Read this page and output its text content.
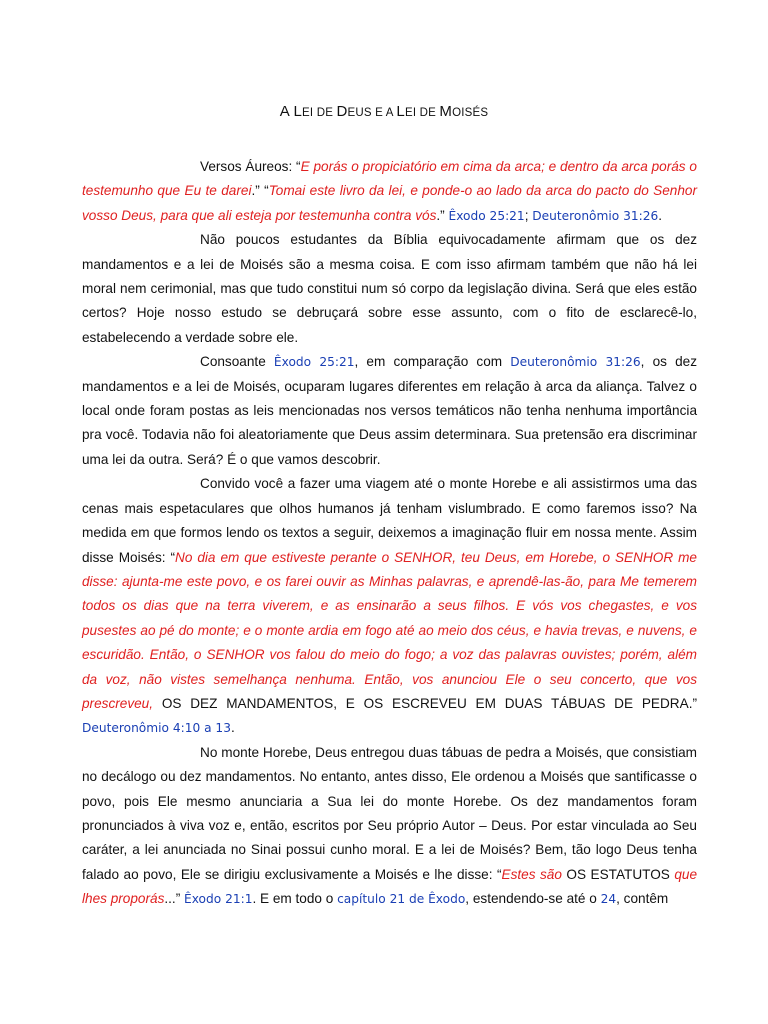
A LEI DE DEUS E A LEI DE MOISÉS

Versos Áureos: “E porás o propiciatório em cima da arca; e dentro da arca porás o testemunho que Eu te darei.” “Tomai este livro da lei, e ponde-o ao lado da arca do pacto do Senhor vosso Deus, para que ali esteja por testemunha contra vós.” Êxodo 25:21; Deuteronômio 31:26.

Não poucos estudantes da Bíblia equivocadamente afirmam que os dez mandamentos e a lei de Moisés são a mesma coisa. E com isso afirmam também que não há lei moral nem cerimonial, mas que tudo constitui num só corpo da legislação divina. Será que eles estão certos? Hoje nosso estudo se debruçará sobre esse assunto, com o fito de esclarecê-lo, estabelecendo a verdade sobre ele.

Consoante Êxodo 25:21, em comparação com Deuteronômio 31:26, os dez mandamentos e a lei de Moisés, ocuparam lugares diferentes em relação à arca da aliança. Talvez o local onde foram postas as leis mencionadas nos versos temáticos não tenha nenhuma importância pra você. Todavia não foi aleatoriamente que Deus assim determinara. Sua pretensão era discriminar uma lei da outra. Será? É o que vamos descobrir.

Convido você a fazer uma viagem até o monte Horebe e ali assistirmos uma das cenas mais espetaculares que olhos humanos já tenham vislumbrado. E como faremos isso? Na medida em que formos lendo os textos a seguir, deixemos a imaginação fluir em nossa mente. Assim disse Moisés: “No dia em que estiveste perante o SENHOR, teu Deus, em Horebe, o SENHOR me disse: ajunta-me este povo, e os farei ouvir as Minhas palavras, e aprendê-las-ão, para Me temerem todos os dias que na terra viverem, e as ensinarão a seus filhos. E vós vos chegastes, e vos pusestes ao pé do monte; e o monte ardia em fogo até ao meio dos céus, e havia trevas, e nuvens, e escuridão. Então, o SENHOR vos falou do meio do fogo; a voz das palavras ouvistes; porém, além da voz, não vistes semelhança nenhuma. Então, vos anunciou Ele o seu concerto, que vos prescreveu, OS DEZ MANDAMENTOS, E OS ESCREVEU EM DUAS TÁBUAS DE PEDRA.” Deuteronômio 4:10 a 13.

No monte Horebe, Deus entregou duas tábuas de pedra a Moisés, que consistiam no decálogo ou dez mandamentos. No entanto, antes disso, Ele ordenou a Moisés que santificasse o povo, pois Ele mesmo anunciaria a Sua lei do monte Horebe. Os dez mandamentos foram pronunciados à viva voz e, então, escritos por Seu próprio Autor – Deus. Por estar vinculada ao Seu caráter, a lei anunciada no Sinai possui cunho moral. E a lei de Moisés? Bem, tão logo Deus tenha falado ao povo, Ele se dirigiu exclusivamente a Moisés e lhe disse: “Estes são OS ESTATUTOS que lhes proporás...” Êxodo 21:1. E em todo o capítulo 21 de Êxodo, estendendo-se até o 24, contêm
